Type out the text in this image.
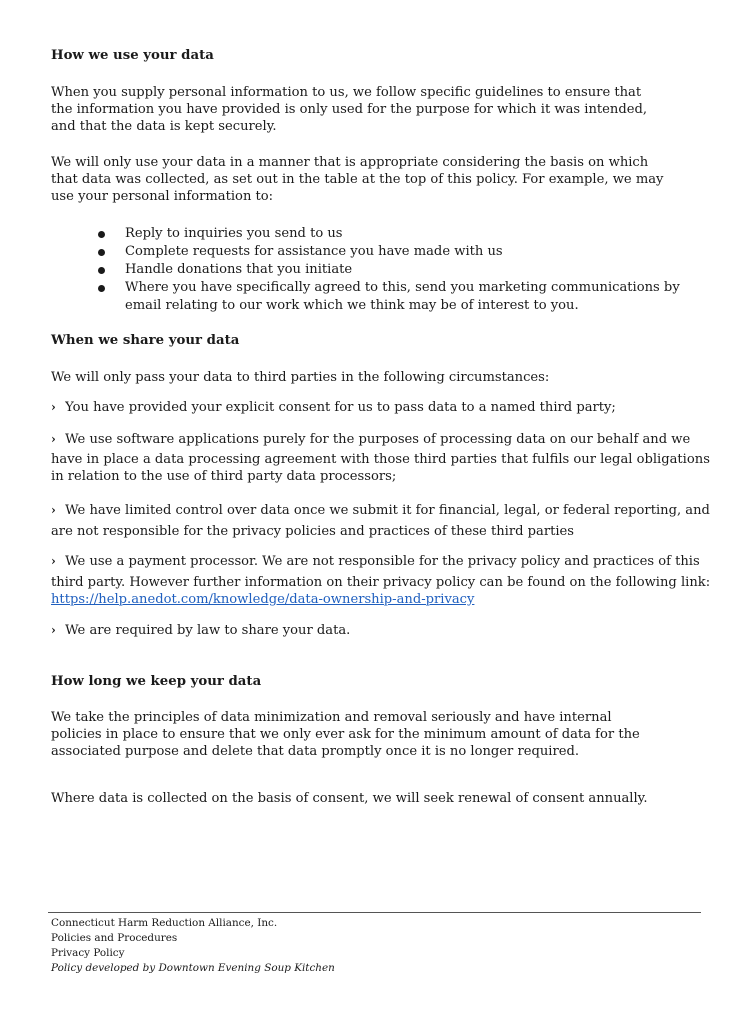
How we use your data
When you supply personal information to us, we follow specific guidelines to ensure that
the information you have provided is only used for the purpose for which it was intended,
and that the data is kept securely.
We will only use your data in a manner that is appropriate considering the basis on which
that data was collected, as set out in the table at the top of this policy. For example, we may
use your personal information to:
Reply to inquiries you send to us
Complete requests for assistance you have made with us
Handle donations that you initiate
Where you have specifically agreed to this, send you marketing communications by
email relating to our work which we think may be of interest to you.
When we share your data
We will only pass your data to third parties in the following circumstances:
› You have provided your explicit consent for us to pass data to a named third party;
› We use software applications purely for the purposes of processing data on our behalf and we
have in place a data processing agreement with those third parties that fulfils our legal obligations
in relation to the use of third party data processors;
› We have limited control over data once we submit it for financial, legal, or federal reporting, and
are not responsible for the privacy policies and practices of these third parties
› We use a payment processor. We are not responsible for the privacy policy and practices of this
third party. However further information on their privacy policy can be found on the following link:
https://help.anedot.com/knowledge/data-ownership-and-privacy
› We are required by law to share your data.
How long we keep your data
We take the principles of data minimization and removal seriously and have internal
policies in place to ensure that we only ever ask for the minimum amount of data for the
associated purpose and delete that data promptly once it is no longer required.
Where data is collected on the basis of consent, we will seek renewal of consent annually.
Connecticut Harm Reduction Alliance, Inc.
Policies and Procedures
Privacy Policy
Policy developed by Downtown Evening Soup Kitchen
